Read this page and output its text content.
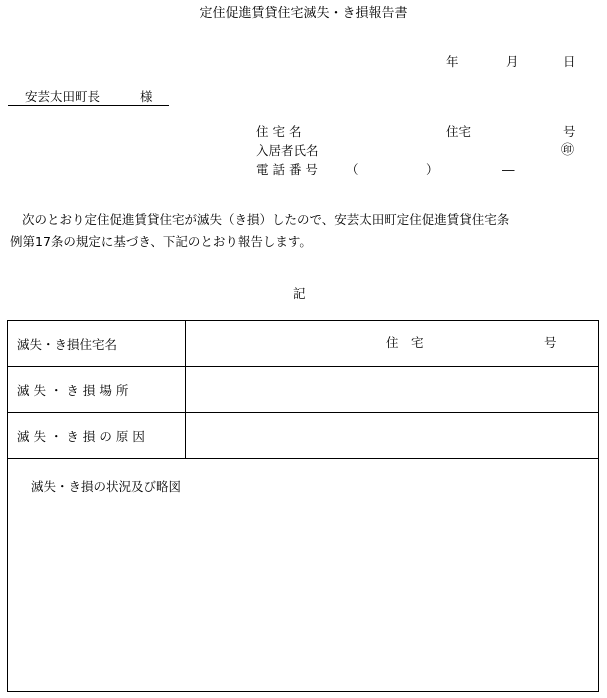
定住促進賃貸住宅滅失・き損報告書
年	月	日
安芸太田町長	様
住 宅 名	住宅	号
入居者氏名	㊞
電 話 番 号 （	）	―
次のとおり定住促進賃貸住宅が滅失（き損）したので、安芸太田町定住促進賃貸住宅条
例第17条の規定に基づき、下記のとおり報告します。
記
滅失・き損住宅名	住　宅 号

滅 失 ・ き 損 場 所	
滅 失 ・ き 損 の 原 因	

滅失・き損の状況及び略図	
